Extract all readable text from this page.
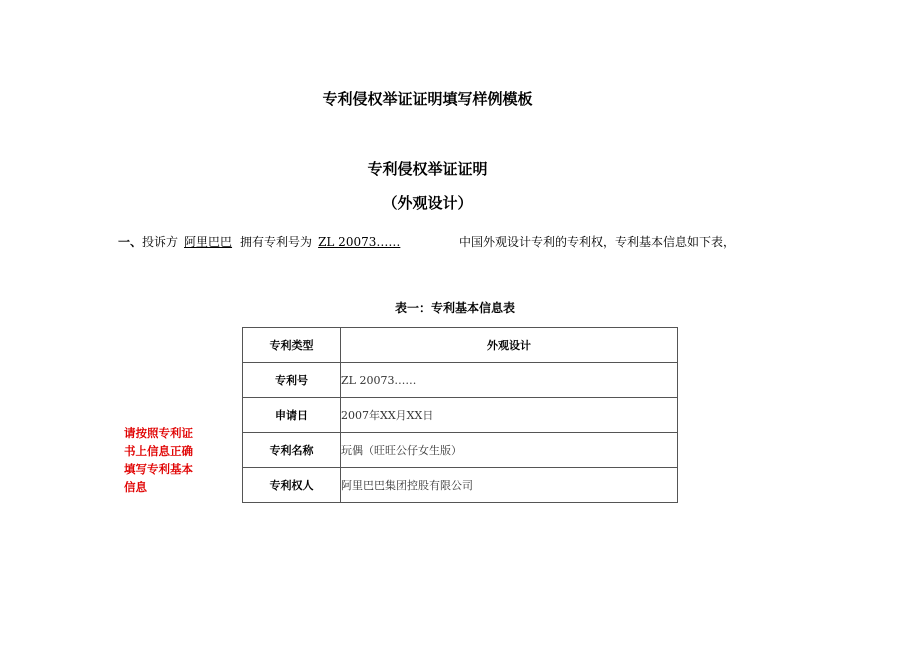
专利侵权举证证明填写样例模板
专利侵权举证证明
（外观设计）
一、投诉方 阿里巴巴 拥有专利号为 ZL 20073……	中国外观设计专利的专利权，专利基本信息如下表，
表一：专利基本信息表
专利类型	外观设计
专利号	ZL 20073……
申请日	2007年XX月XX日
专利名称	玩偶（旺旺公仔女生版）
专利权人	阿里巴巴集团控股有限公司
请按照专利证书上信息正确填写专利基本信息
